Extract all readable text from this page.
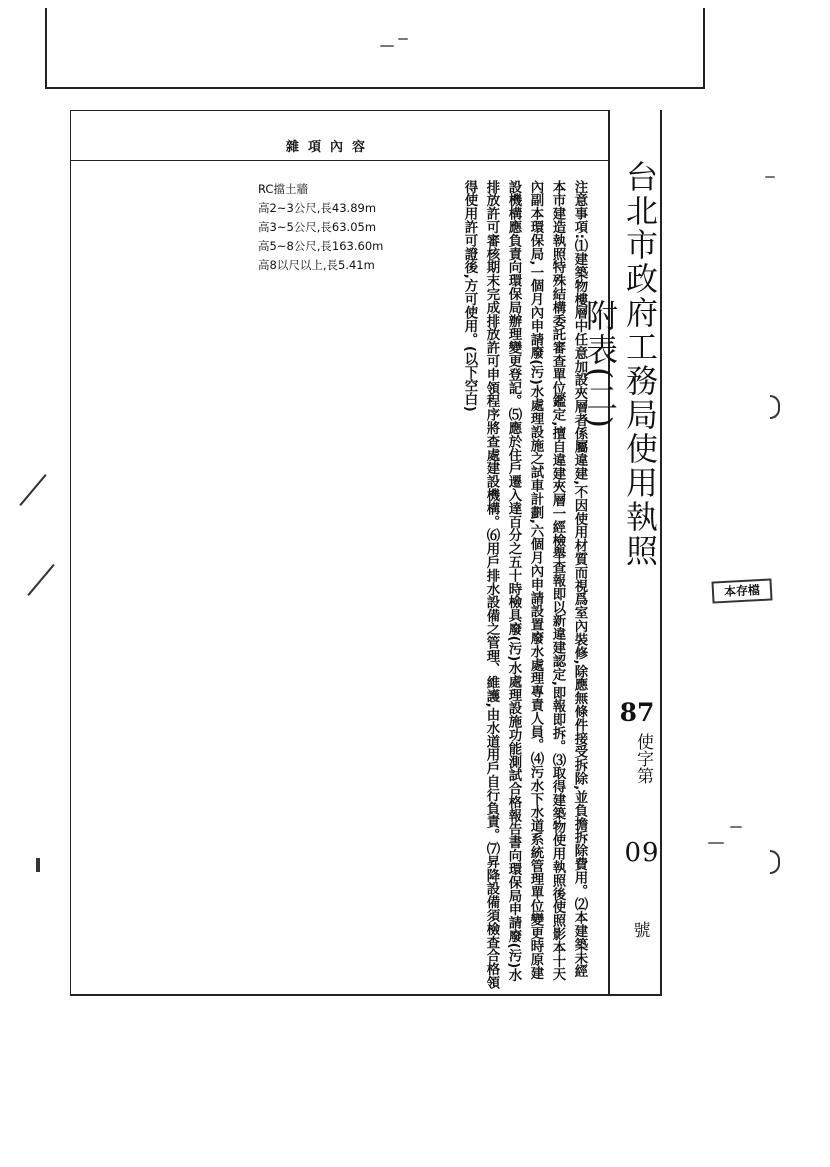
雜項內容
RC擋土牆
高2~3公尺,長43.89m
高3~5公尺,長63.05m
高5~8公尺,長163.60m
高8以尺以上,長5.41m	注意事項:⑴建築物樓層中任意加設夾層者係屬違建,不因使用材質而視爲室內裝修,除應無條件接受拆除,並負擔拆除費用。⑵本建築未經本市建造執照特殊結構委託審查單位鑑定,擅自違建夾層一經檢舉查報即以新違建認定,即報即拆。⑶取得建築物使用執照後使照影本十天內副本環保局,一個月內申請廢(污)水處理設施之試車計劃,六個月內申請設置廢水處理專責人員。⑷污水下水道系統管理單位變更時原建設機構應負責向環保局辦理變更登記。⑸應於住戶遷入達百分之五十時檢具廢(污)水處理設施功能測試合格報告書向環保局申請廢(污)水排放許可審核期末完成排放許可申領程序將查處建設機構。⑹用戶排水設備之管理、維護,由水道用戶自行負責。⑺昇降設備須檢查合格領得使用許可證後,方可使用。(以下空白)	台北市政府工務局使用執照附表(二)
87
使字第
09
號
本存檔
